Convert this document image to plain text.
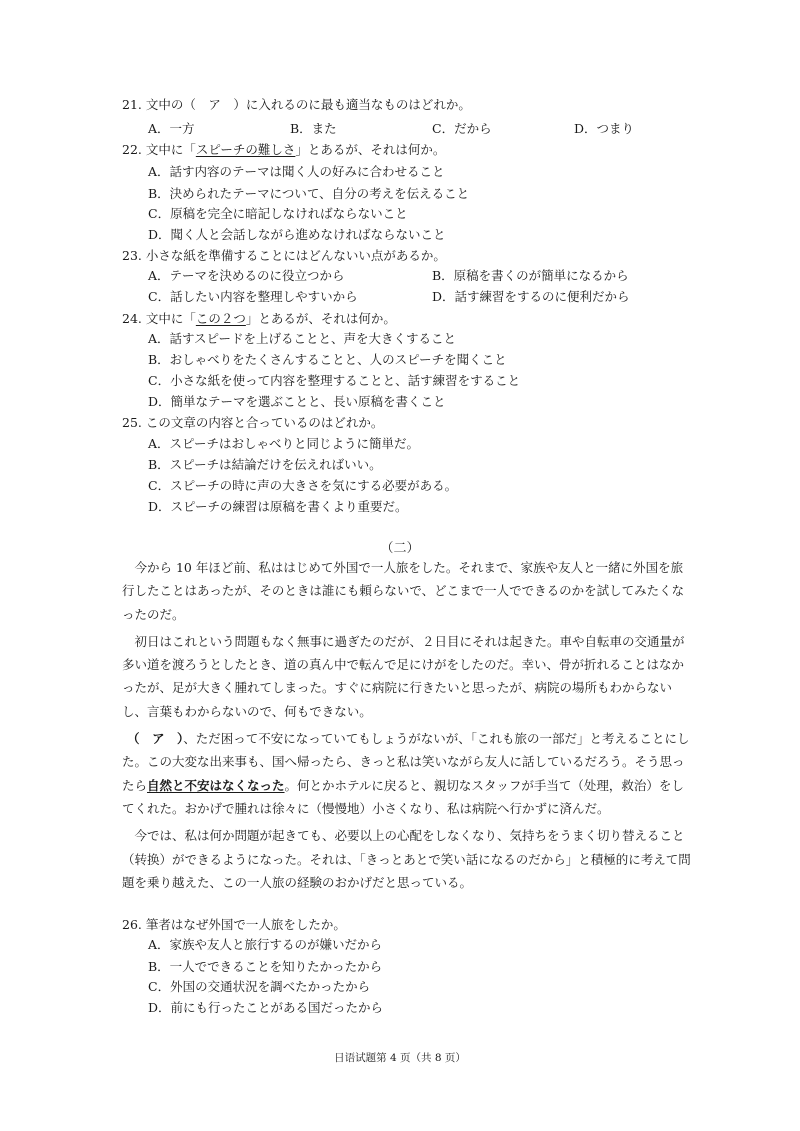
21. 文中の（　ア　）に入れるのに最も適当なものはどれか。
A．一方	B．また	C．だから	D．つまり
22. 文中に「スピーチの難しさ」とあるが、それは何か。
A．話す内容のテーマは聞く人の好みに合わせること
B．決められたテーマについて、自分の考えを伝えること
C．原稿を完全に暗記しなければならないこと
D．聞く人と会話しながら進めなければならないこと
23. 小さな紙を準備することにはどんないい点があるか。
A．テーマを決めるのに役立つから	B．原稿を書くのが簡単になるから
C．話したい内容を整理しやすいから	D．話す練習をするのに便利だから
24. 文中に「この２つ」とあるが、それは何か。
A．話すスピードを上げることと、声を大きくすること
B．おしゃべりをたくさんすることと、人のスピーチを聞くこと
C．小さな紙を使って内容を整理することと、話す練習をすること
D．簡単なテーマを選ぶことと、長い原稿を書くこと
25. この文章の内容と合っているのはどれか。
A．スピーチはおしゃべりと同じように簡単だ。
B．スピーチは結論だけを伝えればいい。
C．スピーチの時に声の大きさを気にする必要がある。
D．スピーチの練習は原稿を書くより重要だ。
（二）

今から 10 年ほど前、私ははじめて外国で一人旅をした。それまで、家族や友人と一緒に外国を旅行したことはあったが、そのときは誰にも頼らないで、どこまで一人でできるのかを試してみたくなったのだ。

初日はこれという問題もなく無事に過ぎたのだが、２日目にそれは起きた。車や自転車の交通量が多い道を渡ろうとしたとき、道の真ん中で転んで足にけがをしたのだ。幸い、骨が折れることはなかったが、足が大きく腫れてしまった。すぐに病院に行きたいと思ったが、病院の場所もわからないし、言葉もわからないので、何もできない。

（　ア　）、ただ困って不安になっていてもしょうがないが、「これも旅の一部だ」と考えることにした。この大変な出来事も、国へ帰ったら、きっと私は笑いながら友人に話しているだろう。そう思ったら自然と不安はなくなった。何とかホテルに戻ると、親切なスタッフが手当て（处理，救治）をしてくれた。おかげで腫れは徐々に（慢慢地）小さくなり、私は病院へ行かずに済んだ。

今では、私は何か問題が起きても、必要以上の心配をしなくなり、気持ちをうまく切り替えること（转换）ができるようになった。それは、「きっとあとで笑い話になるのだから」と積極的に考えて問題を乗り越えた、この一人旅の経験のおかげだと思っている。

26. 筆者はなぜ外国で一人旅をしたか。
A．家族や友人と旅行するのが嫌いだから
B．一人でできることを知りたかったから
C．外国の交通状況を調べたかったから
D．前にも行ったことがある国だったから
日语试题第 4 页（共 8 页）
